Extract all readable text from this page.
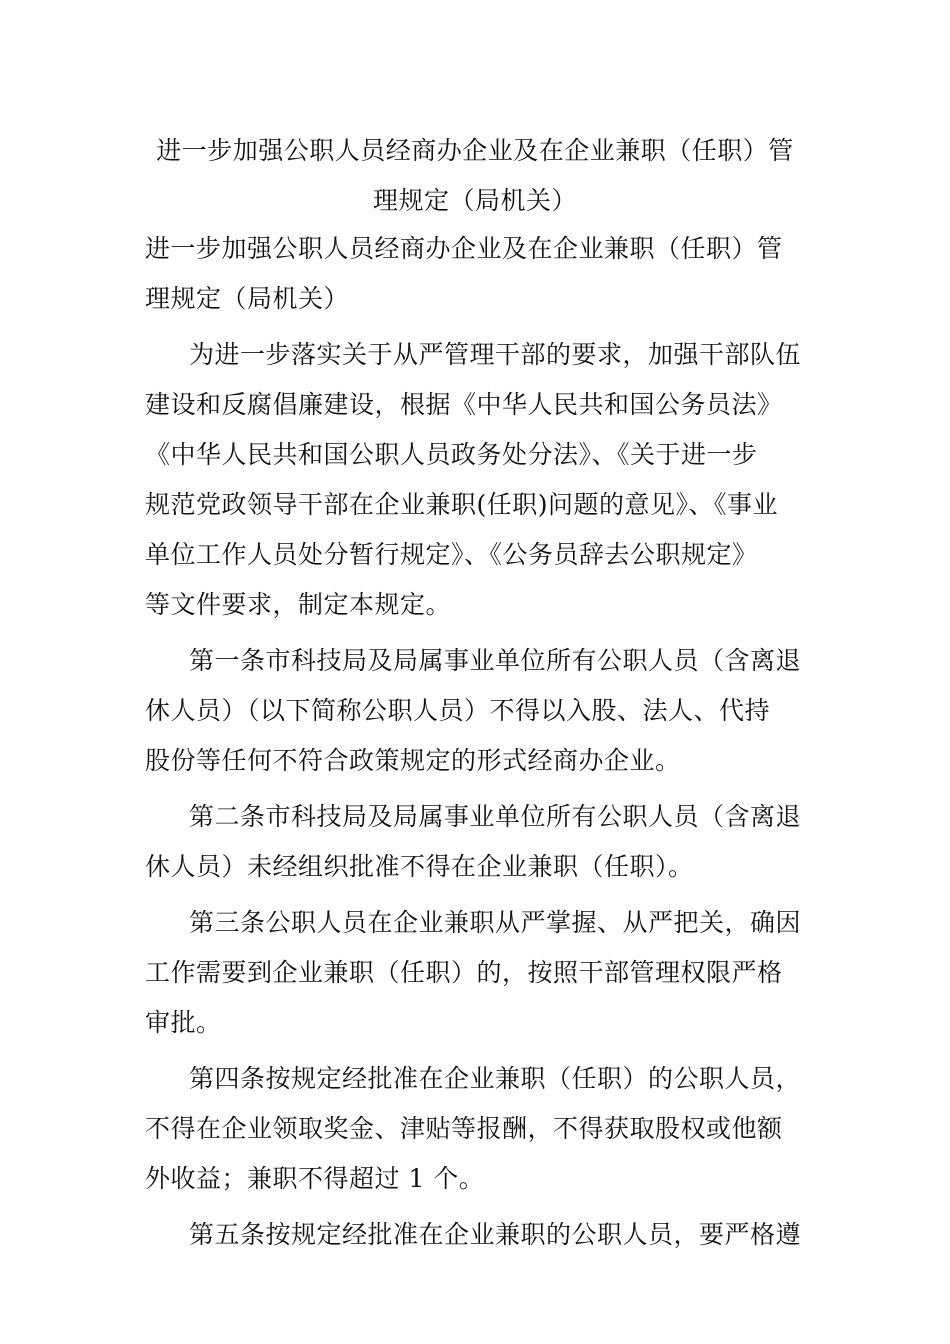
进一步加强公职人员经商办企业及在企业兼职（任职）管
理规定（局机关）
进一步加强公职人员经商办企业及在企业兼职（任职）管
理规定（局机关）
为进一步落实关于从严管理干部的要求，加强干部队伍
建设和反腐倡廉建设，根据《中华人民共和国公务员法》
《中华人民共和国公职人员政务处分法》、《关于进一步
规范党政领导干部在企业兼职(任职)问题的意见》、《事业
单位工作人员处分暂行规定》、《公务员辞去公职规定》
等文件要求，制定本规定。
第一条市科技局及局属事业单位所有公职人员（含离退
休人员）（以下简称公职人员）不得以入股、法人、代持
股份等任何不符合政策规定的形式经商办企业。
第二条市科技局及局属事业单位所有公职人员（含离退
休人员）未经组织批准不得在企业兼职（任职）。
第三条公职人员在企业兼职从严掌握、从严把关，确因
工作需要到企业兼职（任职）的，按照干部管理权限严格
审批。
第四条按规定经批准在企业兼职（任职）的公职人员，
不得在企业领取奖金、津贴等报酬，不得获取股权或他额
外收益；兼职不得超过 1 个。
第五条按规定经批准在企业兼职的公职人员，要严格遵
